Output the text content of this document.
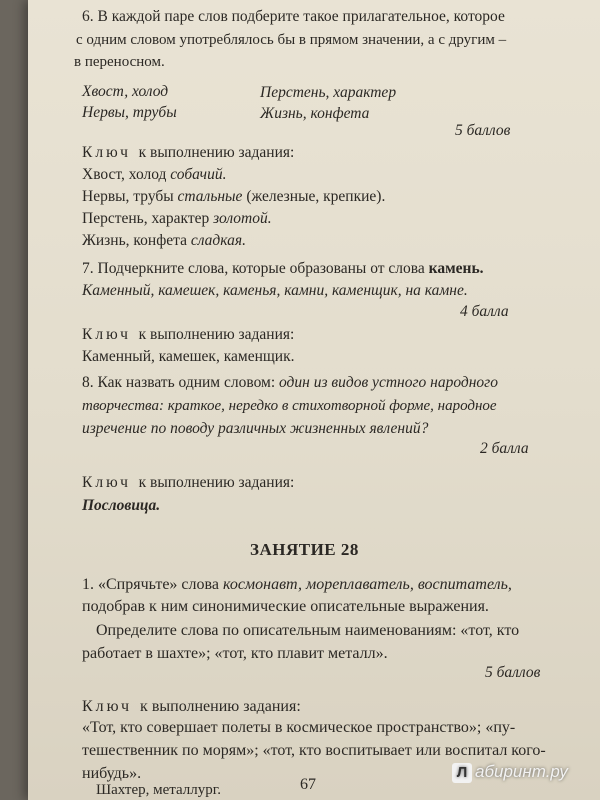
6. В каждой паре слов подберите такое прилагательное, которое
с одним словом употреблялось бы в прямом значении, а с другим –
в переносном.
Хвост, холод	Перстень, характер
Нервы, трубы	Жизнь, конфета
5 баллов
Ключ к выполнению задания:
Хвост, холод собачий.
Нервы, трубы стальные (железные, крепкие).
Перстень, характер золотой.
Жизнь, конфета сладкая.
7. Подчеркните слова, которые образованы от слова камень.
Каменный, камешек, каменья, камни, каменщик, на камне.
4 балла
Ключ к выполнению задания:
Каменный, камешек, каменщик.
8. Как назвать одним словом: один из видов устного народного
творчества: краткое, нередко в стихотворной форме, народное
изречение по поводу различных жизненных явлений?
2 балла
Ключ к выполнению задания:
Пословица.
ЗАНЯТИЕ 28
1. «Спрячьте» слова космонавт, мореплаватель, воспитатель,
подобрав к ним синонимические описательные выражения.
Определите слова по описательным наименованиям: «тот, кто
работает в шахте»; «тот, кто плавит металл».
5 баллов
Ключ к выполнению задания:
«Тот, кто совершает полеты в космическое пространство»; «пу-
тешественник по морям»; «тот, кто воспитывает или воспитал кого-
нибудь».
Шахтер, металлург.	67
Л абиринт.ру
